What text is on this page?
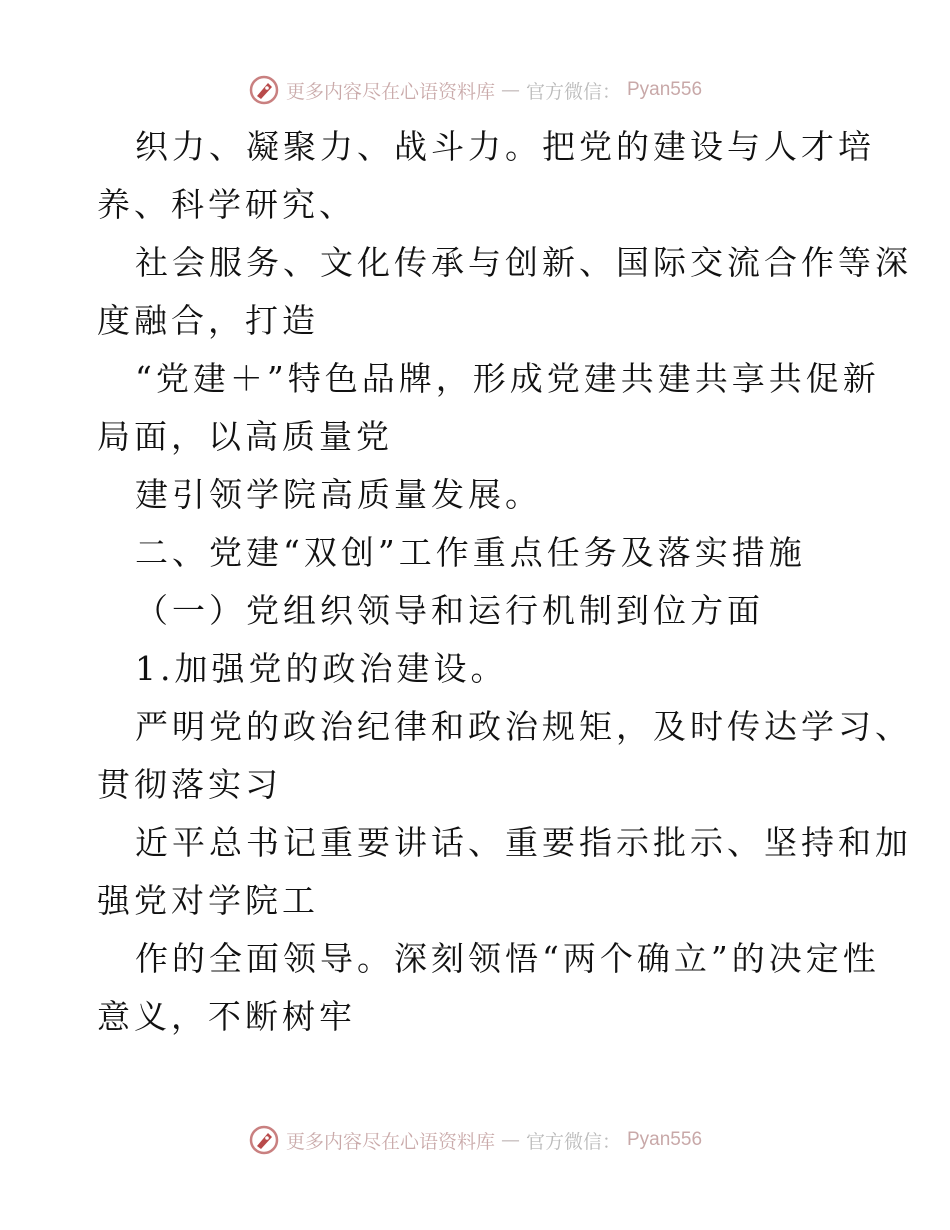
更多内容尽在心语资料库 — 官方微信： Pyan556
织力、凝聚力、战斗力。把党的建设与人才培
养、科学研究、
社会服务、文化传承与创新、国际交流合作等深
度融合，打造
“党建＋”特色品牌，形成党建共建共享共促新
局面，以高质量党
建引领学院高质量发展。
二、党建“双创”工作重点任务及落实措施
（一）党组织领导和运行机制到位方面
1.加强党的政治建设。
严明党的政治纪律和政治规矩，及时传达学习、
贯彻落实习
近平总书记重要讲话、重要指示批示、坚持和加
强党对学院工
作的全面领导。深刻领悟“两个确立”的决定性
意义，不断树牢
更多内容尽在心语资料库 — 官方微信： Pyan556
